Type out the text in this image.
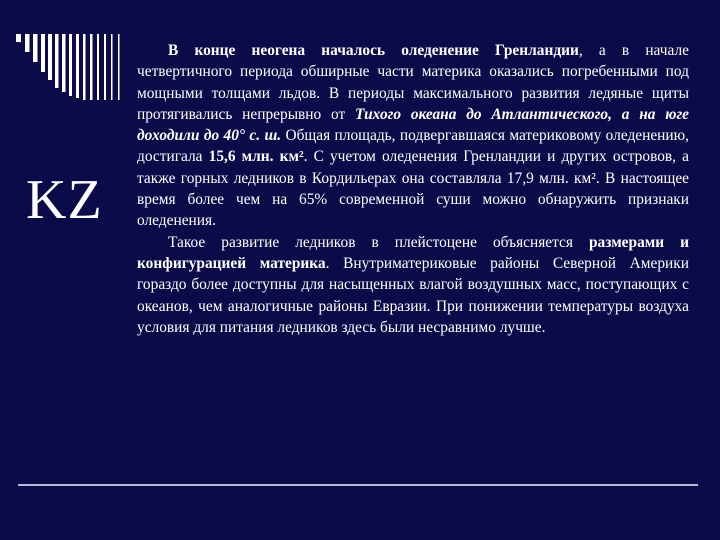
KZ

В конце неогена началось оледенение Гренландии, а в начале четвертичного периода обширные части материка оказались погребенными под мощными толщами льдов. В периоды максимального развития ледяные щиты протягивались непрерывно от Тихого океана до Атлантического, а на юге доходили до 40° с. ш. Общая площадь, подвергавшаяся материковому оледенению, достигала 15,6 млн. км². С учетом оледенения Гренландии и других островов, а также горных ледников в Кордильерах она составляла 17,9 млн. км². В настоящее время более чем на 65% современной суши можно обнаружить признаки оледенения.

Такое развитие ледников в плейстоцене объясняется размерами и конфигурацией материка. Внутриматериковые районы Северной Америки гораздо более доступны для насыщенных влагой воздушных масс, поступающих с океанов, чем аналогичные районы Евразии. При понижении температуры воздуха условия для питания ледников здесь были несравнимо лучше.
